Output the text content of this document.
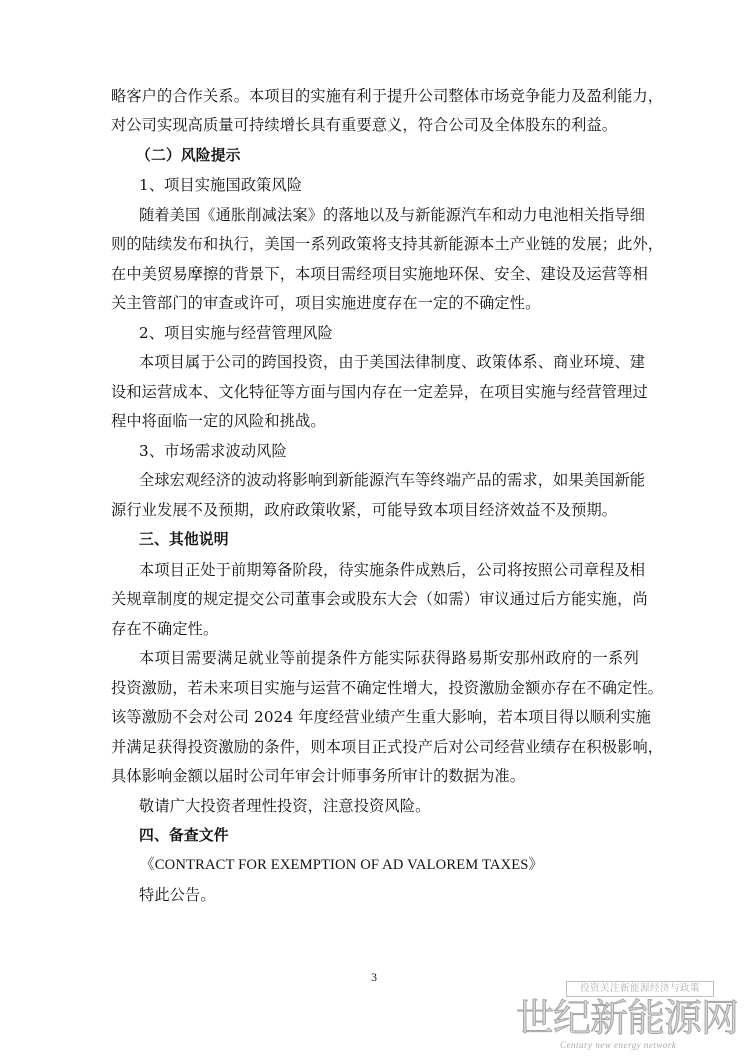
略客户的合作关系。本项目的实施有利于提升公司整体市场竞争能力及盈利能力，
对公司实现高质量可持续增长具有重要意义，符合公司及全体股东的利益。
（二）风险提示
1、项目实施国政策风险
随着美国《通胀削减法案》的落地以及与新能源汽车和动力电池相关指导细
则的陆续发布和执行，美国一系列政策将支持其新能源本土产业链的发展；此外，
在中美贸易摩擦的背景下，本项目需经项目实施地环保、安全、建设及运营等相
关主管部门的审查或许可，项目实施进度存在一定的不确定性。
2、项目实施与经营管理风险
本项目属于公司的跨国投资，由于美国法律制度、政策体系、商业环境、建
设和运营成本、文化特征等方面与国内存在一定差异，在项目实施与经营管理过
程中将面临一定的风险和挑战。
3、市场需求波动风险
全球宏观经济的波动将影响到新能源汽车等终端产品的需求，如果美国新能
源行业发展不及预期，政府政策收紧，可能导致本项目经济效益不及预期。
三、其他说明
本项目正处于前期筹备阶段，待实施条件成熟后，公司将按照公司章程及相
关规章制度的规定提交公司董事会或股东大会（如需）审议通过后方能实施，尚
存在不确定性。
本项目需要满足就业等前提条件方能实际获得路易斯安那州政府的一系列
投资激励，若未来项目实施与运营不确定性增大，投资激励金额亦存在不确定性。
该等激励不会对公司 2024 年度经营业绩产生重大影响，若本项目得以顺利实施
并满足获得投资激励的条件，则本项目正式投产后对公司经营业绩存在积极影响，
具体影响金额以届时公司年审会计师事务所审计的数据为准。
敬请广大投资者理性投资，注意投资风险。
四、备查文件
《CONTRACT FOR EXEMPTION OF AD VALOREM TAXES》
特此公告。
3
投资关注新能源经济与政策
世纪新能源网
Century new energy network
